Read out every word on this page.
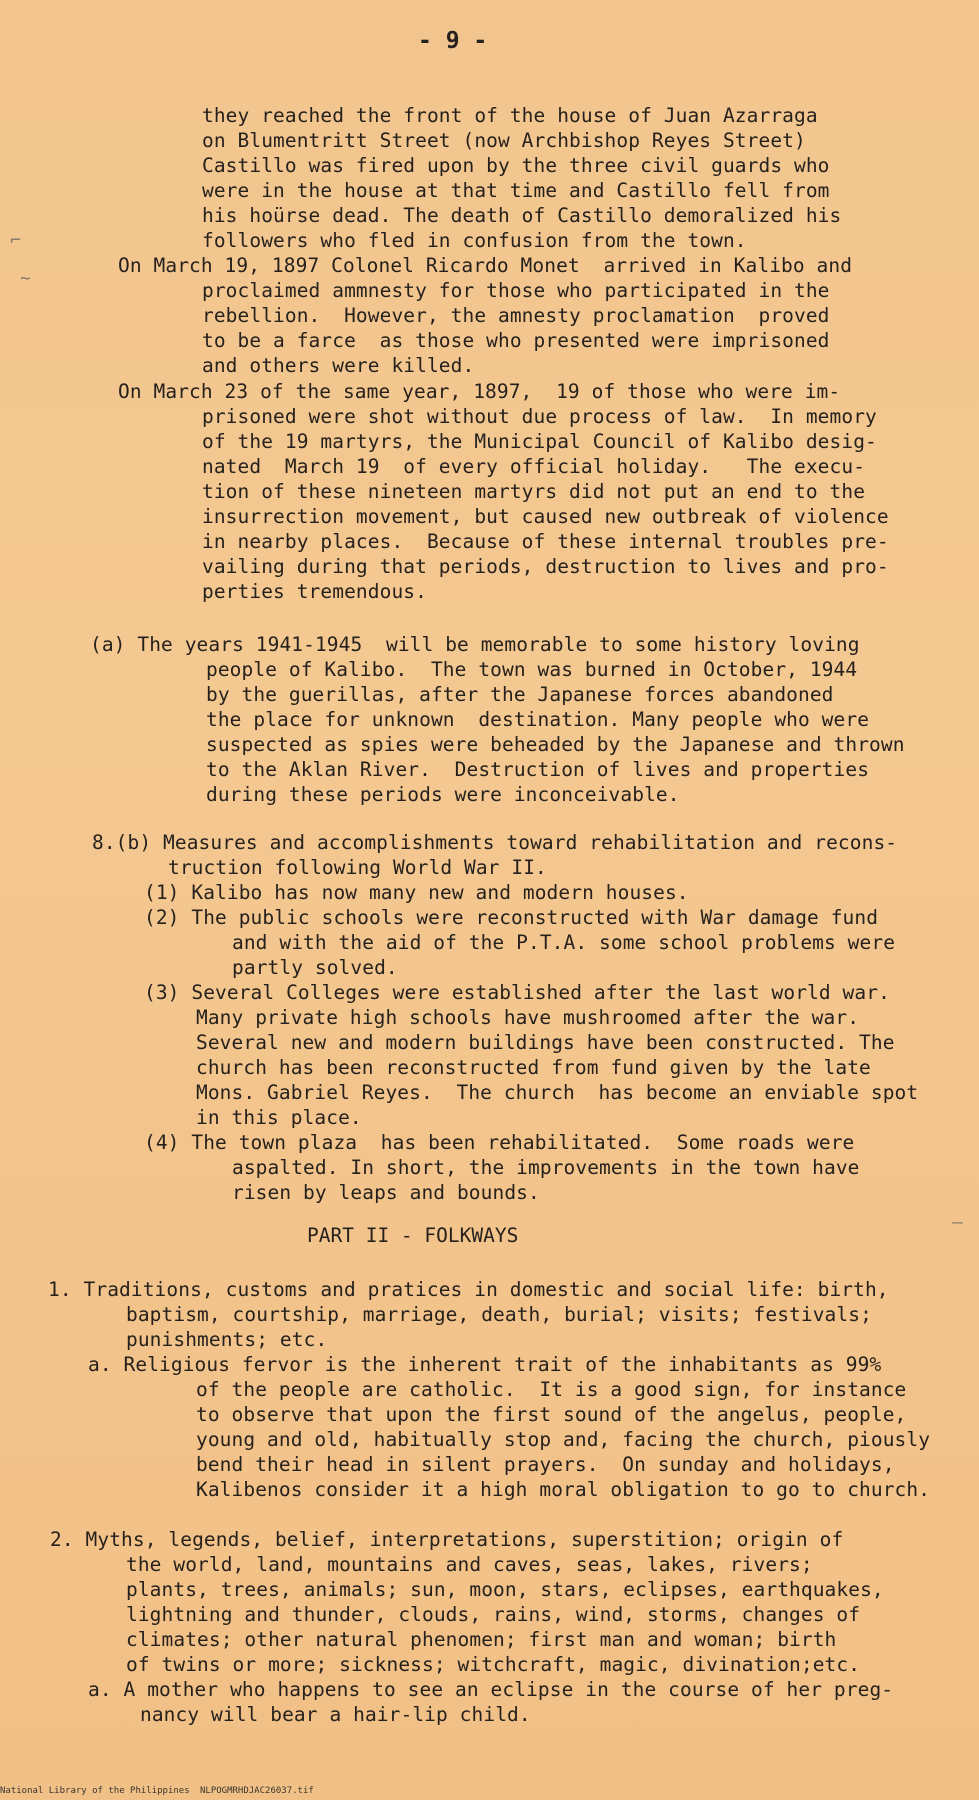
- 9 -
they reached the front of the house of Juan Azarraga
on Blumentritt Street (now Archbishop Reyes Street)
Castillo was fired upon by the three civil guards who
were in the house at that time and Castillo fell from
his hoürse dead. The death of Castillo demoralized his
followers who fled in confusion from the town.
On March 19, 1897 Colonel Ricardo Monet  arrived in Kalibo and
proclaimed ammnesty for those who participated in the
rebellion.  However, the amnesty proclamation  proved
to be a farce  as those who presented were imprisoned
and others were killed.
On March 23 of the same year, 1897,  19 of those who were im-
prisoned were shot without due process of law.  In memory
of the 19 martyrs, the Municipal Council of Kalibo desig-
nated  March 19  of every official holiday.   The execu-
tion of these nineteen martyrs did not put an end to the
insurrection movement, but caused new outbreak of violence
in nearby places.  Because of these internal troubles pre-
vailing during that periods, destruction to lives and pro-
perties tremendous.
(a) The years 1941-1945  will be memorable to some history loving
people of Kalibo.  The town was burned in October, 1944
by the guerillas, after the Japanese forces abandoned
the place for unknown  destination. Many people who were
suspected as spies were beheaded by the Japanese and thrown
to the Aklan River.  Destruction of lives and properties
during these periods were inconceivable.
8.(b) Measures and accomplishments toward rehabilitation and recons-
truction following World War II.
(1) Kalibo has now many new and modern houses.
(2) The public schools were reconstructed with War damage fund
and with the aid of the P.T.A. some school problems were
partly solved.
(3) Several Colleges were established after the last world war.
Many private high schools have mushroomed after the war.
Several new and modern buildings have been constructed. The
church has been reconstructed from fund given by the late
Mons. Gabriel Reyes.  The church  has become an enviable spot
in this place.
(4) The town plaza  has been rehabilitated.  Some roads were
aspalted. In short, the improvements in the town have
risen by leaps and bounds.
PART II - FOLKWAYS
1. Traditions, customs and pratices in domestic and social life: birth,
baptism, courtship, marriage, death, burial; visits; festivals;
punishments; etc.
a. Religious fervor is the inherent trait of the inhabitants as 99%
of the people are catholic.  It is a good sign, for instance
to observe that upon the first sound of the angelus, people,
young and old, habitually stop and, facing the church, piously
bend their head in silent prayers.  On sunday and holidays,
Kalibenos consider it a high moral obligation to go to church.
2. Myths, legends, belief, interpretations, superstition; origin of
the world, land, mountains and caves, seas, lakes, rivers;
plants, trees, animals; sun, moon, stars, eclipses, earthquakes,
lightning and thunder, clouds, rains, wind, storms, changes of
climates; other natural phenomen; first man and woman; birth
of twins or more; sickness; witchcraft, magic, divination;etc.
a. A mother who happens to see an eclipse in the course of her preg-
nancy will bear a hair-lip child.
⌐
~
—
National Library of the Philippines NLPOGMRHDJAC26037.tif
